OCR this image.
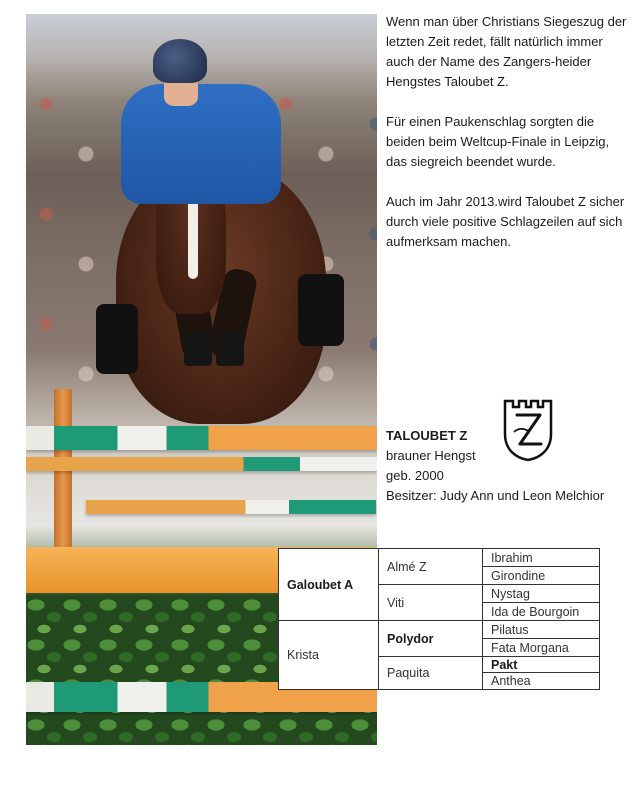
Wenn man über Christians Siegeszug der letzten Zeit redet, fällt natürlich immer auch der Name des Zangers-heider Hengstes Taloubet Z.

Für einen Paukenschlag sorgten die beiden beim Weltcup-Finale in Leipzig, das siegreich beendet wurde.

Auch im Jahr 2013.wird Taloubet Z sicher durch viele positive Schlagzeilen auf sich aufmerksam machen.

TALOUBET Z
brauner Hengst
geb. 2000
Besitzer: Judy Ann und Leon Melchior
Galoubet A
Krista
Almé Z
Viti
Polydor
Paquita
Ibrahim
Girondine
Nystag
Ida de Bourgoin
Pilatus
Fata Morgana
Pakt
Anthea
